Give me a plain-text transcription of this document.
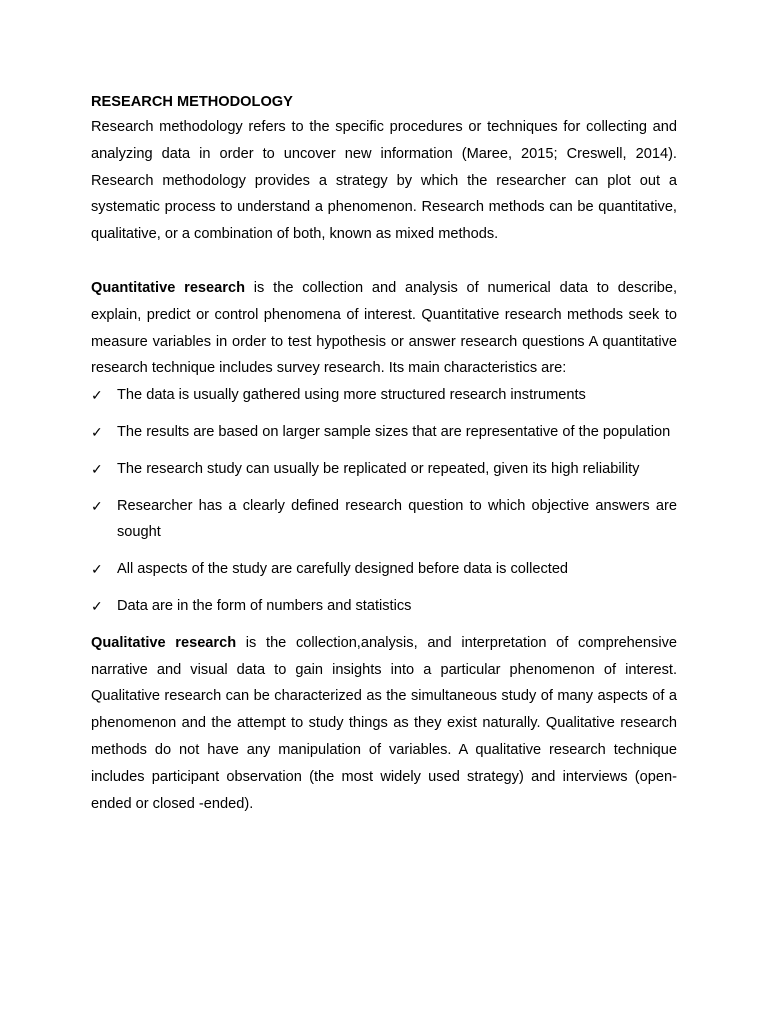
RESEARCH METHODOLOGY

Research methodology refers to the specific procedures or techniques for collecting and analyzing data in order to uncover new information (Maree, 2015; Creswell, 2014). Research methodology provides a strategy by which the researcher can plot out a systematic process to understand a phenomenon. Research methods can be quantitative, qualitative, or a combination of both, known as mixed methods.

Quantitative research is the collection and analysis of numerical data to describe, explain, predict or control phenomena of interest. Quantitative research methods seek to measure variables in order to test hypothesis or answer research questions A quantitative research technique includes survey research. Its main characteristics are:

✓ The data is usually gathered using more structured research instruments
✓ The results are based on larger sample sizes that are representative of the population
✓ The research study can usually be replicated or repeated, given its high reliability
✓ Researcher has a clearly defined research question to which objective answers are sought
✓ All aspects of the study are carefully designed before data is collected
✓ Data are in the form of numbers and statistics

Qualitative research is the collection,analysis, and interpretation of comprehensive narrative and visual data to gain insights into a particular phenomenon of interest. Qualitative research can be characterized as the simultaneous study of many aspects of a phenomenon and the attempt to study things as they exist naturally. Qualitative research methods do not have any manipulation of variables. A qualitative research technique includes participant observation (the most widely used strategy) and interviews (open-ended or closed -ended).
